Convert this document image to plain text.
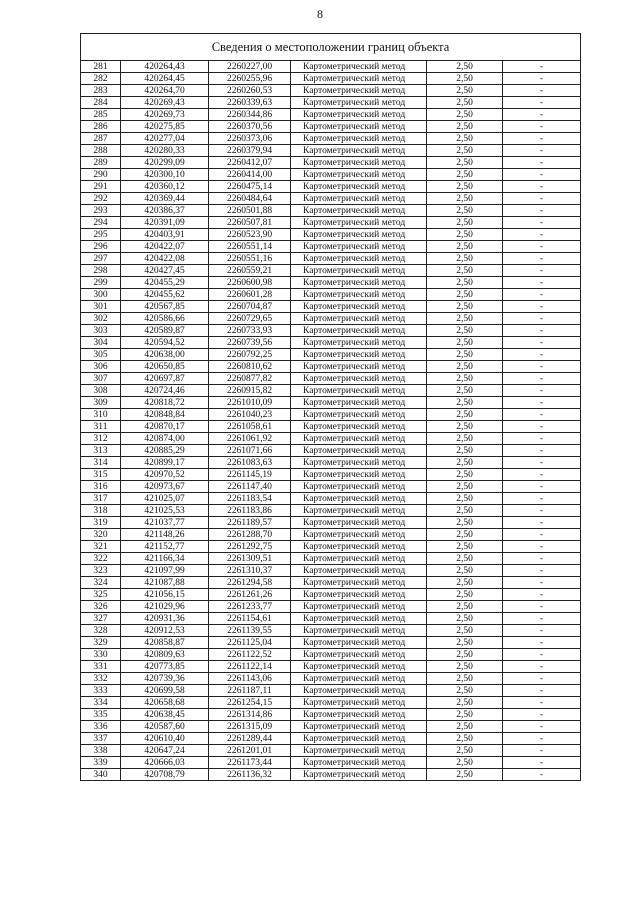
8
Сведения о местоположении границ объекта					
281	420264,43	2260227,00	Картометрический метод	2,50	-
282	420264,45	2260255,96	Картометрический метод	2,50	-
283	420264,70	2260260,53	Картометрический метод	2,50	-
284	420269,43	2260339,63	Картометрический метод	2,50	-
285	420269,73	2260344,86	Картометрический метод	2,50	-
286	420275,85	2260370,56	Картометрический метод	2,50	-
287	420277,04	2260373,06	Картометрический метод	2,50	-
288	420280,33	2260379,94	Картометрический метод	2,50	-
289	420299,09	2260412,07	Картометрический метод	2,50	-
290	420300,10	2260414,00	Картометрический метод	2,50	-
291	420360,12	2260475,14	Картометрический метод	2,50	-
292	420369,44	2260484,64	Картометрический метод	2,50	-
293	420386,37	2260501,88	Картометрический метод	2,50	-
294	420391,09	2260507,81	Картометрический метод	2,50	-
295	420403,91	2260523,90	Картометрический метод	2,50	-
296	420422,07	2260551,14	Картометрический метод	2,50	-
297	420422,08	2260551,16	Картометрический метод	2,50	-
298	420427,45	2260559,21	Картометрический метод	2,50	-
299	420455,29	2260600,98	Картометрический метод	2,50	-
300	420455,62	2260601,28	Картометрический метод	2,50	-
301	420567,85	2260704,87	Картометрический метод	2,50	-
302	420586,66	2260729,65	Картометрический метод	2,50	-
303	420589,87	2260733,93	Картометрический метод	2,50	-
304	420594,52	2260739,56	Картометрический метод	2,50	-
305	420638,00	2260792,25	Картометрический метод	2,50	-
306	420650,85	2260810,62	Картометрический метод	2,50	-
307	420697,87	2260877,82	Картометрический метод	2,50	-
308	420724,46	2260915,82	Картометрический метод	2,50	-
309	420818,72	2261010,09	Картометрический метод	2,50	-
310	420848,84	2261040,23	Картометрический метод	2,50	-
311	420870,17	2261058,61	Картометрический метод	2,50	-
312	420874,00	2261061,92	Картометрический метод	2,50	-
313	420885,29	2261071,66	Картометрический метод	2,50	-
314	420899,17	2261083,63	Картометрический метод	2,50	-
315	420970,52	2261145,19	Картометрический метод	2,50	-
316	420973,67	2261147,40	Картометрический метод	2,50	-
317	421025,07	2261183,54	Картометрический метод	2,50	-
318	421025,53	2261183,86	Картометрический метод	2,50	-
319	421037,77	2261189,57	Картометрический метод	2,50	-
320	421148,26	2261288,70	Картометрический метод	2,50	-
321	421152,77	2261292,75	Картометрический метод	2,50	-
322	421166,34	2261309,51	Картометрический метод	2,50	-
323	421097,99	2261310,37	Картометрический метод	2,50	-
324	421087,88	2261294,58	Картометрический метод	2,50	-
325	421056,15	2261261,26	Картометрический метод	2,50	-
326	421029,96	2261233,77	Картометрический метод	2,50	-
327	420931,36	2261154,61	Картометрический метод	2,50	-
328	420912,53	2261139,55	Картометрический метод	2,50	-
329	420858,87	2261125,04	Картометрический метод	2,50	-
330	420809,63	2261122,52	Картометрический метод	2,50	-
331	420773,85	2261122,14	Картометрический метод	2,50	-
332	420739,36	2261143,06	Картометрический метод	2,50	-
333	420699,58	2261187,11	Картометрический метод	2,50	-
334	420658,68	2261254,15	Картометрический метод	2,50	-
335	420638,45	2261314,86	Картометрический метод	2,50	-
336	420587,60	2261315,09	Картометрический метод	2,50	-
337	420610,40	2261289,44	Картометрический метод	2,50	-
338	420647,24	2261201,01	Картометрический метод	2,50	-
339	420666,03	2261173,44	Картометрический метод	2,50	-
340	420708,79	2261136,32	Картометрический метод	2,50	-
